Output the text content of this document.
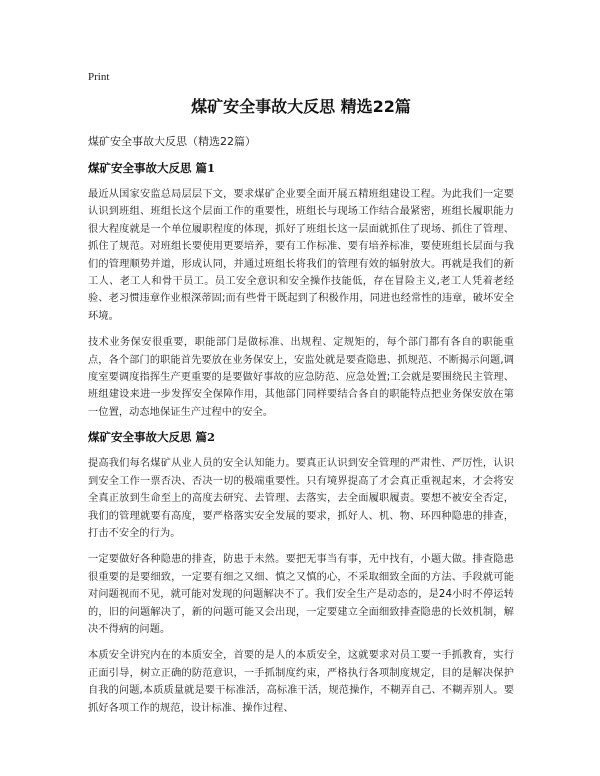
Print
煤矿安全事故大反思 精选22篇
煤矿安全事故大反思（精选22篇）
煤矿安全事故大反思 篇1

最近从国家安监总局层层下文，要求煤矿企业要全面开展五精班组建设工程。为此我们一定要认识到班组、班组长这个层面工作的重要性，班组长与现场工作结合最紧密，班组长履职能力很大程度就是一个单位履职程度的体现，抓好了班组长这一层面就抓住了现场、抓住了管理、抓住了规范。对班组长要使用更要培养，要有工作标准、要有培养标准，要使班组长层面与我们的管理顺势并道，形成认同，并通过班组长将我们的管理有效的辐射放大。再就是我们的新工人、老工人和骨干员工。员工安全意识和安全操作技能低，存在冒险主义,老工人凭着老经验、老习惯违章作业根深蒂固;而有些骨干既起到了积极作用，同进也经常性的违章，破坏安全环境。

技术业务保安很重要，职能部门是做标准、出规程、定规矩的，每个部门都有各自的职能重点，各个部门的职能首先要放在业务保安上，安监处就是要查隐患、抓规范、不断揭示问题,调度室要调度指挥生产更重要的是要做好事故的应急防范、应急处置;工会就是要围绕民主管理、班组建设来进一步发挥安全保障作用，其他部门同样要结合各自的职能特点把业务保安放在第一位置，动态地保证生产过程中的安全。

煤矿安全事故大反思 篇2

提高我们每名煤矿从业人员的安全认知能力。要真正认识到安全管理的严肃性、严厉性，认识到安全工作一票否决、否决一切的极端重要性。只有境界提高了才会真正重视起来，才会将安全真正放到生命至上的高度去研究、去管理、去落实，去全面履职履责。要想不被安全否定，我们的管理就要有高度，要严格落实安全发展的要求，抓好人、机、物、环四种隐患的排查，打击不安全的行为。

一定要做好各种隐患的排查，防患于未然。要把无事当有事，无中找有，小题大做。排查隐患很重要的是要细致，一定要有细之又细、慎之又慎的心，不采取细致全面的方法、手段就可能对问题视而不见，就可能对发现的问题解决不了。我们安全生产是动态的，是24小时不停运转的，旧的问题解决了，新的问题可能又会出现，一定要建立全面细致排查隐患的长效机制，解决不得病的问题。

本质安全讲究内在的本质安全，首要的是人的本质安全，这就要求对员工要一手抓教育，实行正面引导，树立正确的防范意识，一手抓制度约束，严格执行各项制度规定，目的是解决保护自我的问题,本质质量就是要干标准活，高标准干活，规范操作，不糊弄自己、不糊弄别人。要抓好各项工作的规范，设计标准、操作过程、
